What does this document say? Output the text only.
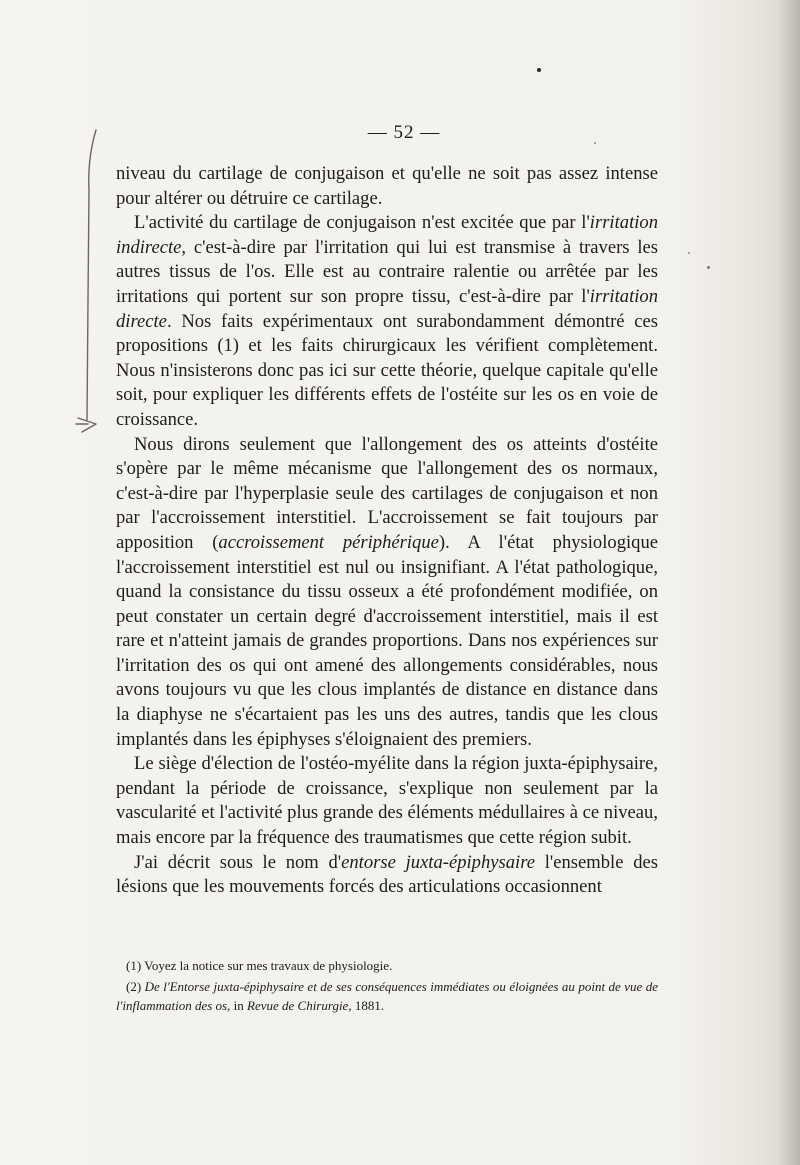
— 52 —

niveau du cartilage de conjugaison et qu'elle ne soit pas assez intense pour altérer ou détruire ce cartilage.

L'activité du cartilage de conjugaison n'est excitée que par l'irritation indirecte, c'est-à-dire par l'irritation qui lui est transmise à travers les autres tissus de l'os. Elle est au contraire ralentie ou arrêtée par les irritations qui portent sur son propre tissu, c'est-à-dire par l'irritation directe. Nos faits expérimentaux ont surabondamment démontré ces propositions (1) et les faits chirurgicaux les vérifient complètement. Nous n'insisterons donc pas ici sur cette théorie, quelque capitale qu'elle soit, pour expliquer les différents effets de l'ostéite sur les os en voie de croissance.

Nous dirons seulement que l'allongement des os atteints d'ostéite s'opère par le même mécanisme que l'allongement des os normaux, c'est-à-dire par l'hyperplasie seule des cartilages de conjugaison et non par l'accroissement interstitiel. L'accroissement se fait toujours par apposition (accroissement périphérique). A l'état physiologique l'accroissement interstitiel est nul ou insignifiant. A l'état pathologique, quand la consistance du tissu osseux a été profondément modifiée, on peut constater un certain degré d'accroissement interstitiel, mais il est rare et n'atteint jamais de grandes proportions. Dans nos expériences sur l'irritation des os qui ont amené des allongements considérables, nous avons toujours vu que les clous implantés de distance en distance dans la diaphyse ne s'écartaient pas les uns des autres, tandis que les clous implantés dans les épiphyses s'éloignaient des premiers.

Le siège d'élection de l'ostéo-myélite dans la région juxta-épiphysaire, pendant la période de croissance, s'explique non seulement par la vascularité et l'activité plus grande des éléments médullaires à ce niveau, mais encore par la fréquence des traumatismes que cette région subit.

J'ai décrit sous le nom d'entorse juxta-épiphysaire l'ensemble des lésions que les mouvements forcés des articulations occasionnent

(1) Voyez la notice sur mes travaux de physiologie.

(2) De l'Entorse juxta-épiphysaire et de ses conséquences immédiates ou éloignées au point de vue de l'inflammation des os, in Revue de Chirurgie, 1881.
